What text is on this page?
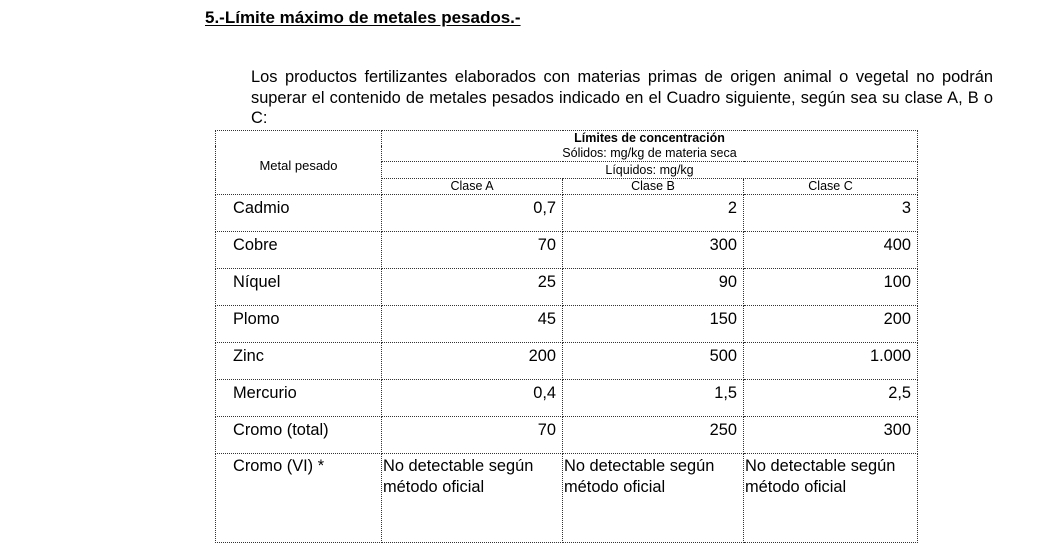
5.-Límite máximo de metales pesados.-

Los productos fertilizantes elaborados con materias primas de origen animal o vegetal no podrán superar el contenido de metales pesados indicado en el Cuadro siguiente, según sea su clase A, B o C:

Metal pesado	Límites de concentración		
	Sólidos: mg/kg de materia seca		
	Líquidos: mg/kg		
	Clase A	Clase B	Clase C
Cadmio	0,7	2	3
Cobre	70	300	400
Níquel	25	90	100
Plomo	45	150	200
Zinc	200	500	1.000
Mercurio	0,4	1,5	2,5
Cromo (total)	70	250	300
Cromo (VI) *	No detectable según método oficial	No detectable según método oficial	No detectable según método oficial
